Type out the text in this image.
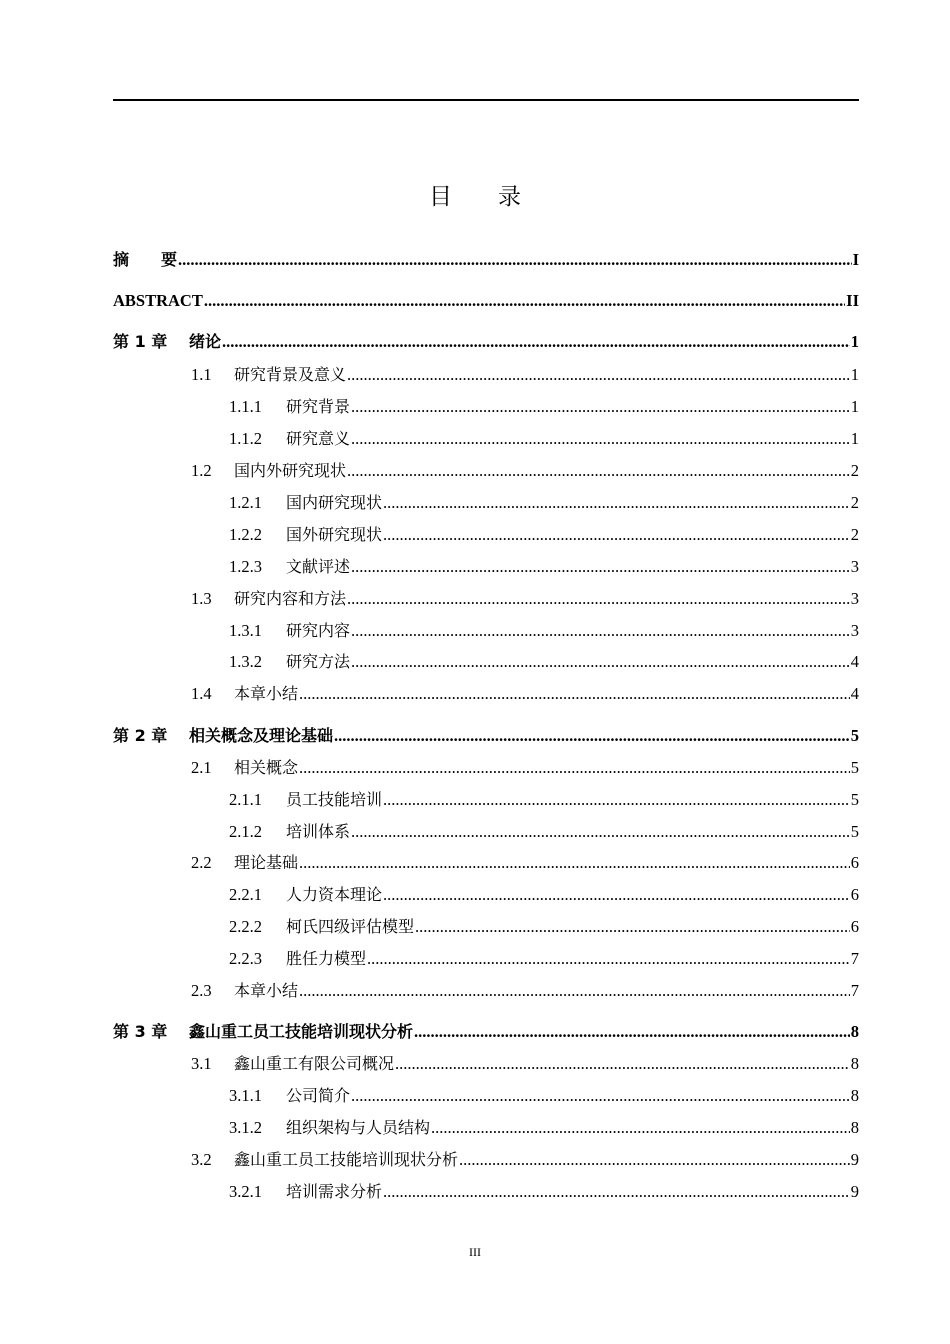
目 录
摘　　要 .....	I
ABSTRACT .....	II
第 1 章	绪论 .....	1
1.1	研究背景及意义 .....	1
1.1.1	研究背景 .....	1
1.1.2	研究意义 .....	1
1.2	国内外研究现状 .....	2
1.2.1	国内研究现状 .....	2
1.2.2	国外研究现状 .....	2
1.2.3	文献评述 .....	3
1.3	研究内容和方法 .....	3
1.3.1	研究内容 .....	3
1.3.2	研究方法 .....	4
1.4	本章小结 .....	4
第 2 章	相关概念及理论基础 .....	5
2.1	相关概念 .....	5
2.1.1	员工技能培训 .....	5
2.1.2	培训体系 .....	5
2.2	理论基础 .....	6
2.2.1	人力资本理论 .....	6
2.2.2	柯氏四级评估模型 .....	6
2.2.3	胜任力模型 .....	7
2.3	本章小结 .....	7
第 3 章	鑫山重工员工技能培训现状分析 .....	8
3.1	鑫山重工有限公司概况 .....	8
3.1.1	公司简介 .....	8
3.1.2	组织架构与人员结构 .....	8
3.2	鑫山重工员工技能培训现状分析 .....	9
3.2.1	培训需求分析 .....	9
III
